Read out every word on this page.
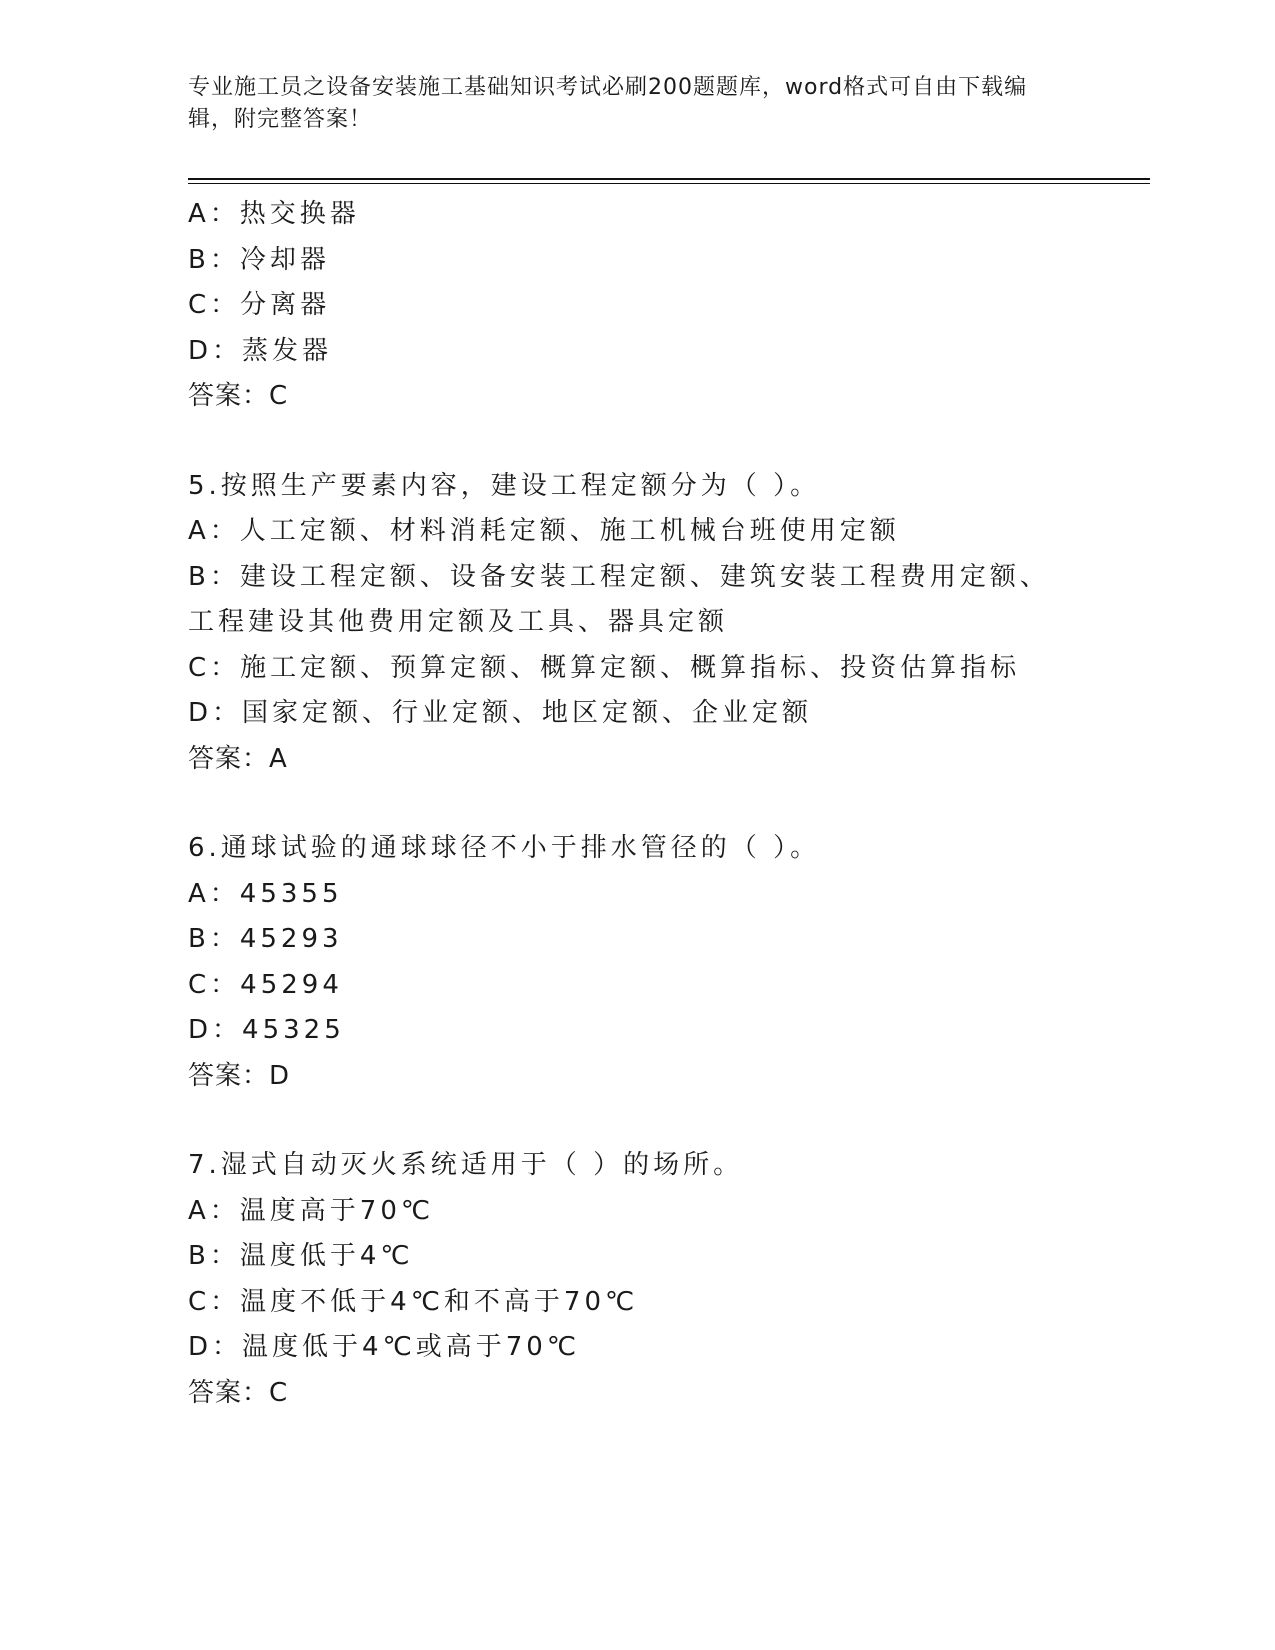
专业施工员之设备安装施工基础知识考试必刷200题题库，word格式可自由下载编辑，附完整答案！
A：热交换器
B：冷却器
C：分离器
D：蒸发器
答案：C
5.按照生产要素内容，建设工程定额分为（ ）。
A：人工定额、材料消耗定额、施工机械台班使用定额
B：建设工程定额、设备安装工程定额、建筑安装工程费用定额、工程建设其他费用定额及工具、器具定额
C：施工定额、预算定额、概算定额、概算指标、投资估算指标
D：国家定额、行业定额、地区定额、企业定额
答案：A
6.通球试验的通球球径不小于排水管径的（ ）。
A：45355
B：45293
C：45294
D：45325
答案：D
7.湿式自动灭火系统适用于（ ）的场所。
A：温度高于70℃
B：温度低于4℃
C：温度不低于4℃和不高于70℃
D：温度低于4℃或高于70℃
答案：C
